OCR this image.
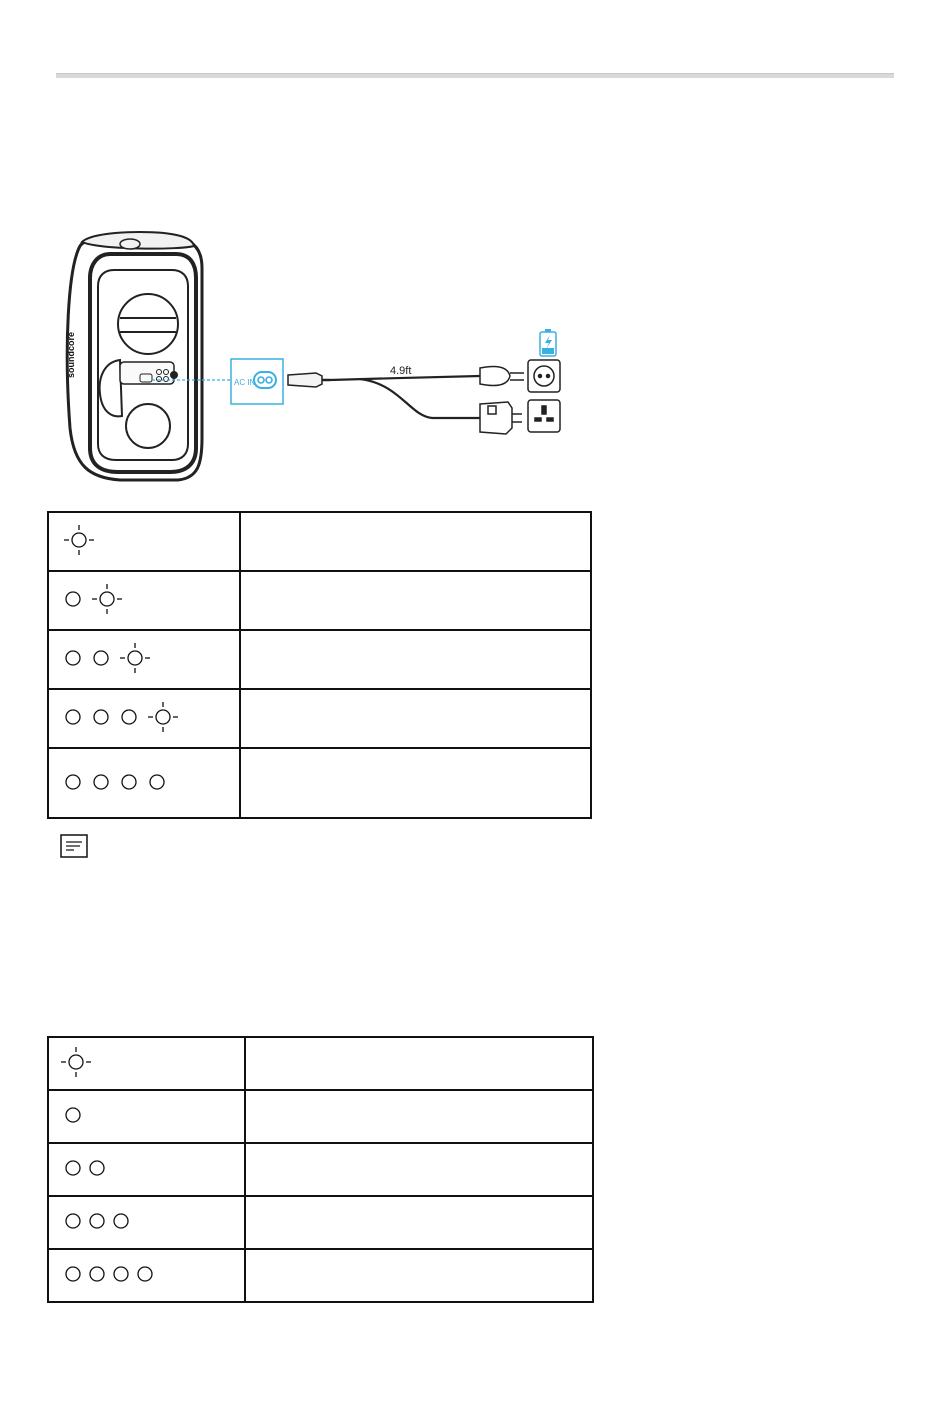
soundcore
AC IN
4.9ft
